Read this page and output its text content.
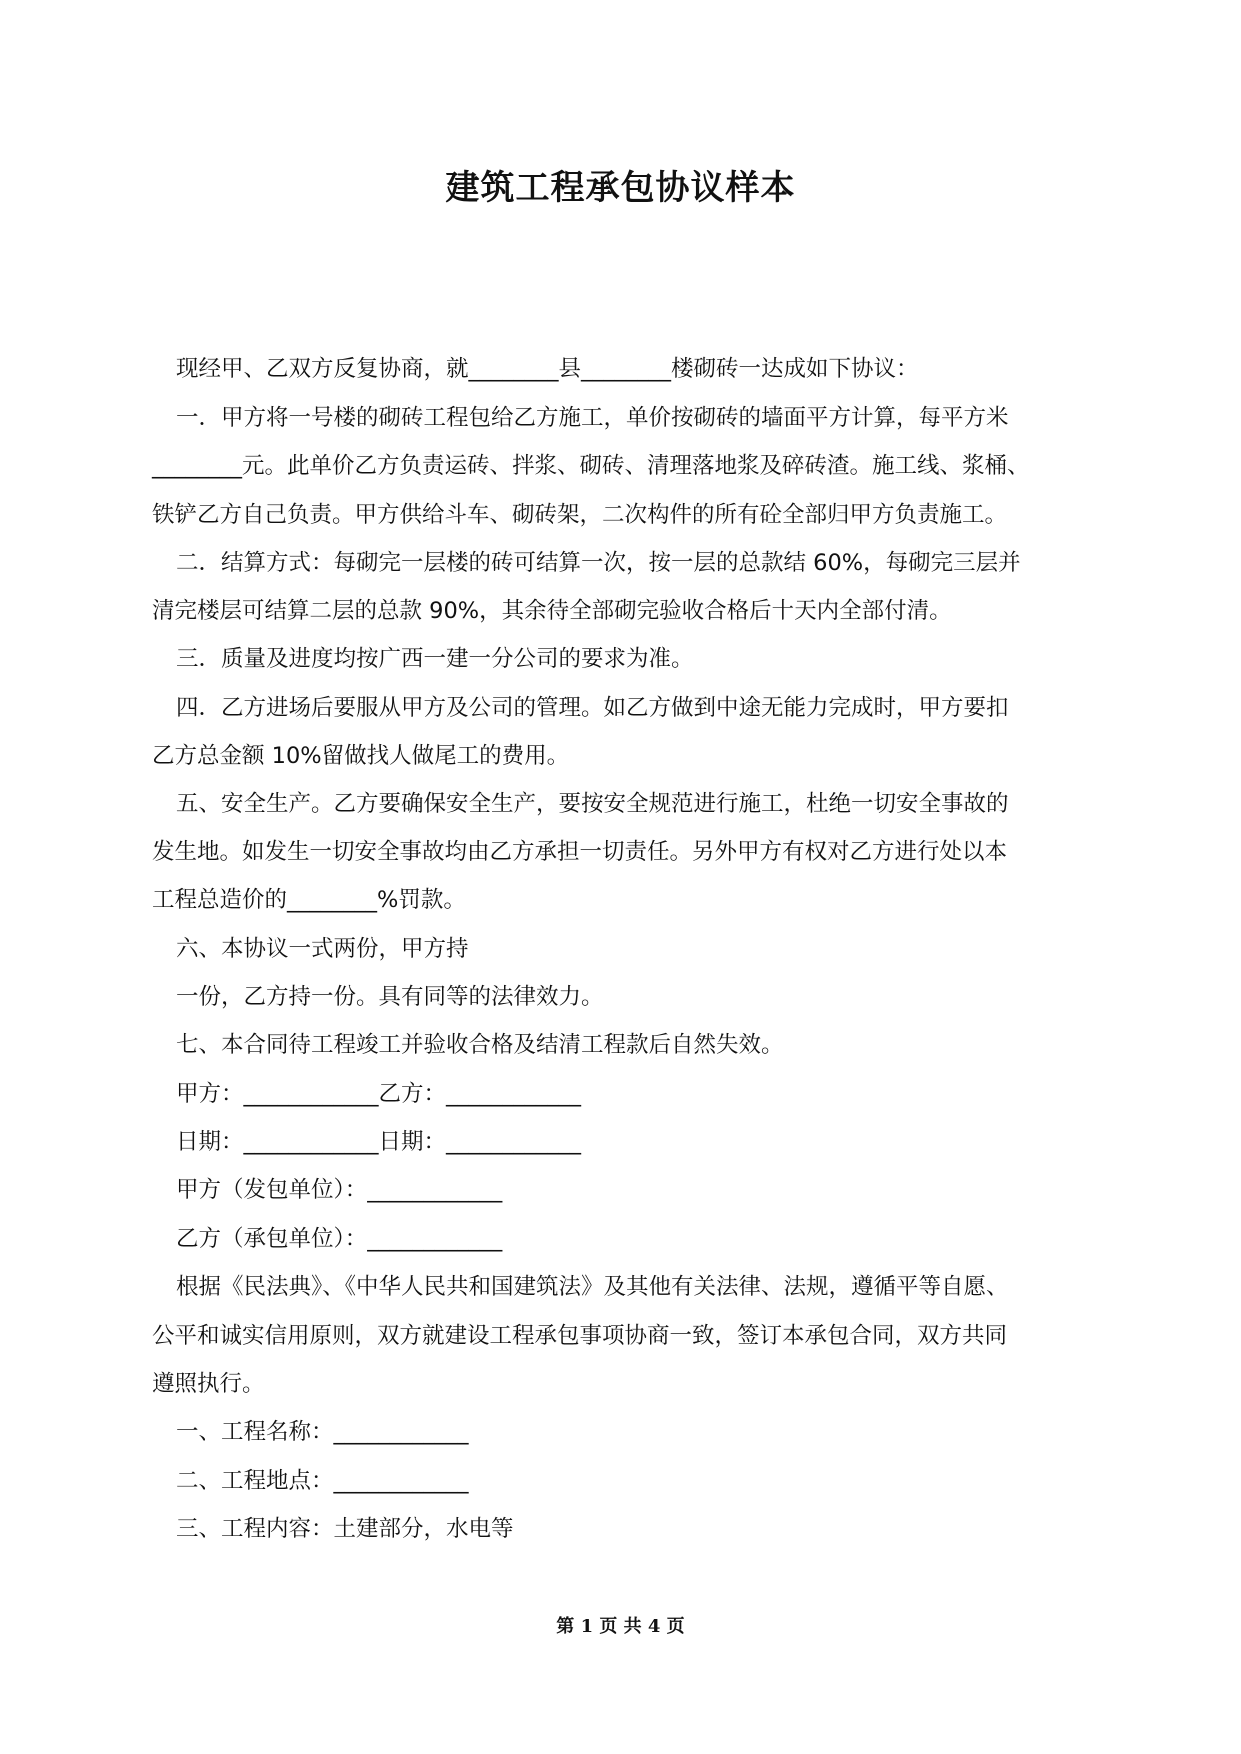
建筑工程承包协议样本
现经甲、乙双方反复协商，就________县________楼砌砖一达成如下协议：
一．甲方将一号楼的砌砖工程包给乙方施工，单价按砌砖的墙面平方计算，每平方米
________元。此单价乙方负责运砖、拌浆、砌砖、清理落地浆及碎砖渣。施工线、浆桶、
铁铲乙方自己负责。甲方供给斗车、砌砖架，二次构件的所有砼全部归甲方负责施工。
二．结算方式：每砌完一层楼的砖可结算一次，按一层的总款结 60%，每砌完三层并
清完楼层可结算二层的总款 90%，其余待全部砌完验收合格后十天内全部付清。
三．质量及进度均按广西一建一分公司的要求为准。
四．乙方进场后要服从甲方及公司的管理。如乙方做到中途无能力完成时，甲方要扣
乙方总金额 10%留做找人做尾工的费用。
五、安全生产。乙方要确保安全生产，要按安全规范进行施工，杜绝一切安全事故的
发生地。如发生一切安全事故均由乙方承担一切责任。另外甲方有权对乙方进行处以本
工程总造价的________%罚款。
六、本协议一式两份，甲方持
一份，乙方持一份。具有同等的法律效力。
七、本合同待工程竣工并验收合格及结清工程款后自然失效。
甲方：____________乙方：____________
日期：____________日期：____________
甲方（发包单位）：____________
乙方（承包单位）：____________
根据《民法典》、《中华人民共和国建筑法》及其他有关法律、法规，遵循平等自愿、
公平和诚实信用原则，双方就建设工程承包事项协商一致，签订本承包合同，双方共同
遵照执行。
一、工程名称：____________
二、工程地点：____________
三、工程内容：土建部分，水电等
第 1 页 共 4 页
